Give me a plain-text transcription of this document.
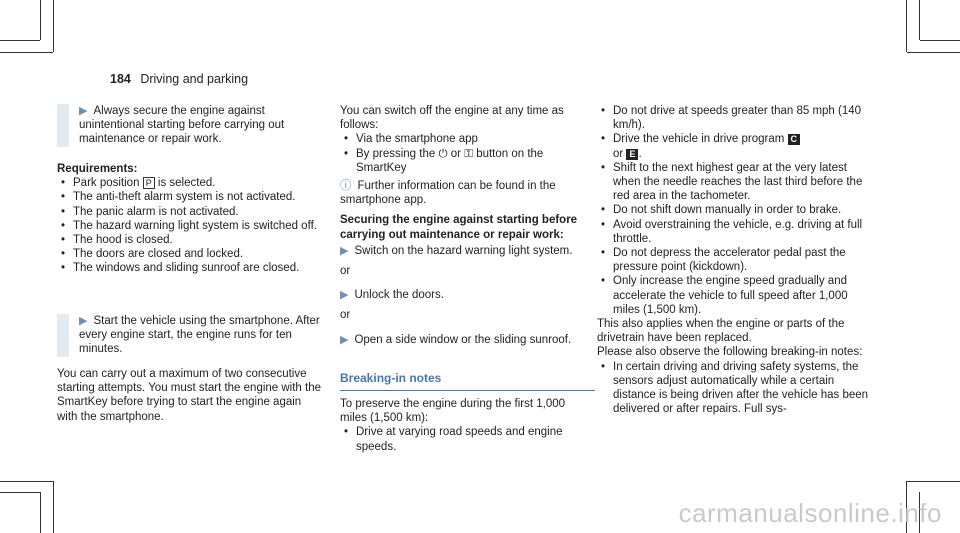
184 Driving and parking
▶ Always secure the engine against unintentional starting before carrying out maintenance or repair work.
Requirements:
• Park position P is selected.
• The anti-theft alarm system is not activated.
• The panic alarm is not activated.
• The hazard warning light system is switched off.
• The hood is closed.
• The doors are closed and locked.
• The windows and sliding sunroof are closed.
▶ Start the vehicle using the smartphone. After every engine start, the engine runs for ten minutes.
You can carry out a maximum of two consecutive starting attempts. You must start the engine with the SmartKey before trying to start the engine again with the smartphone.
You can switch off the engine at any time as follows:
• Via the smartphone app
• By pressing the ⏻ or ⚿ button on the SmartKey
ⓘ Further information can be found in the smartphone app.
Securing the engine against starting before carrying out maintenance or repair work:
▶ Switch on the hazard warning light system.
or
▶ Unlock the doors.
or
▶ Open a side window or the sliding sunroof.
Breaking-in notes
To preserve the engine during the first 1,000 miles (1,500 km):
• Drive at varying road speeds and engine speeds.
• Do not drive at speeds greater than 85 mph (140 km/h).
• Drive the vehicle in drive program C
or E .
• Shift to the next highest gear at the very latest when the needle reaches the last third before the red area in the tachometer.
• Do not shift down manually in order to brake.
• Avoid overstraining the vehicle, e.g. driving at full throttle.
• Do not depress the accelerator pedal past the pressure point (kickdown).
• Only increase the engine speed gradually and accelerate the vehicle to full speed after 1,000 miles (1,500 km).
This also applies when the engine or parts of the drivetrain have been replaced.
Please also observe the following breaking-in notes:
• In certain driving and driving safety systems, the sensors adjust automatically while a certain distance is being driven after the vehicle has been delivered or after repairs. Full sys-
carmanualsonline.info
